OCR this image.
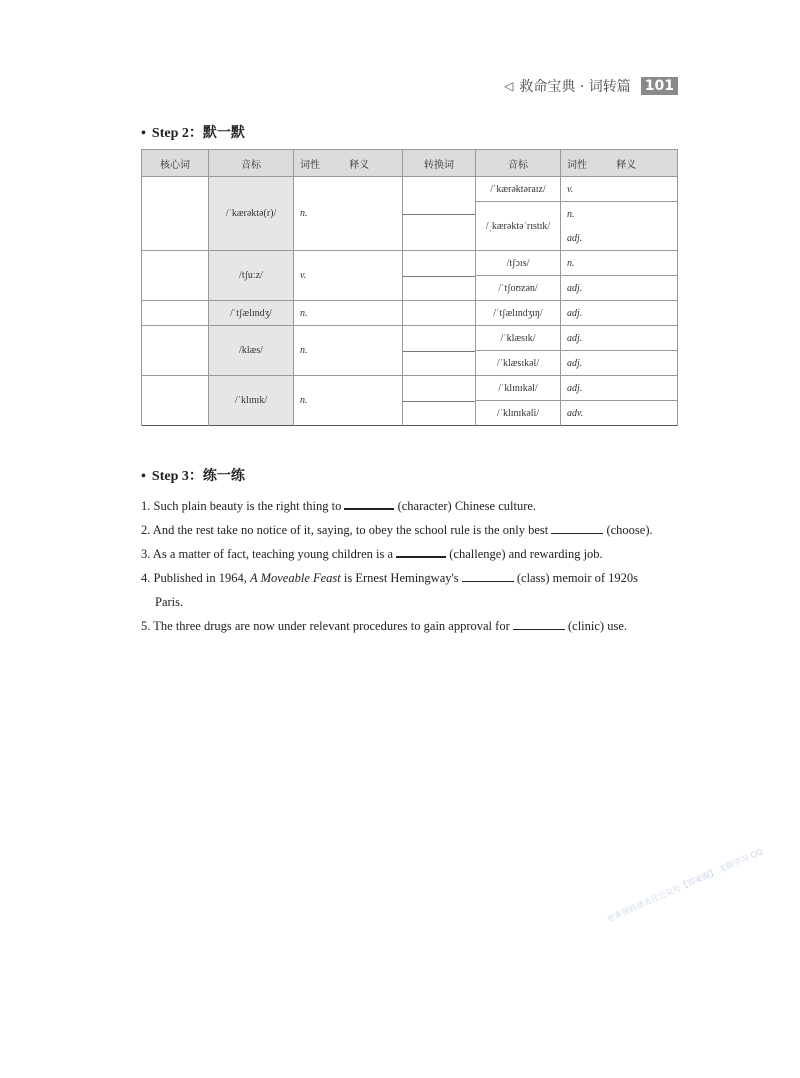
◁ 救命宝典 · 词转篇 101
• Step 2：默一默
核心词	音标	词性 释义	转换词	音标	词性 释义
	/ˈkærəktə(r)/	n.		/ˈkærəktəraɪz/	v.
				/ˌkærəktəˈrɪstɪk/	n.
					adj.
	/tʃuːz/	v.		/tʃɔɪs/	n.
				/ˈtʃoʊzən/	adj.
	/ˈtʃælɪndʒ/	n.		/ˈtʃælɪndʒɪŋ/	adj.
	/klæs/	n.		/ˈklæsɪk/	adj.
				/ˈklæsɪkəl/	adj.
	/ˈklɪnɪk/	n.		/ˈklɪnɪkəl/	adj.
				/ˈklɪnɪkəli/	adv.
• Step 3：练一练

1. Such plain beauty is the right thing to	(character) Chinese culture.

2. And the rest take no notice of it, saying, to obey the school rule is the only best	(choose).

3. As a matter of fact, teaching young children is a	(challenge) and rewarding job.

4. Published in 1964, A Moveable Feast is Ernest Hemingway's	(class) memoir of 1920s

Paris.

5. The three drugs are now under relevant procedures to gain approval for	(clinic) use.

更多资料请关注公众号【答案圈】 无限学习 QQ
